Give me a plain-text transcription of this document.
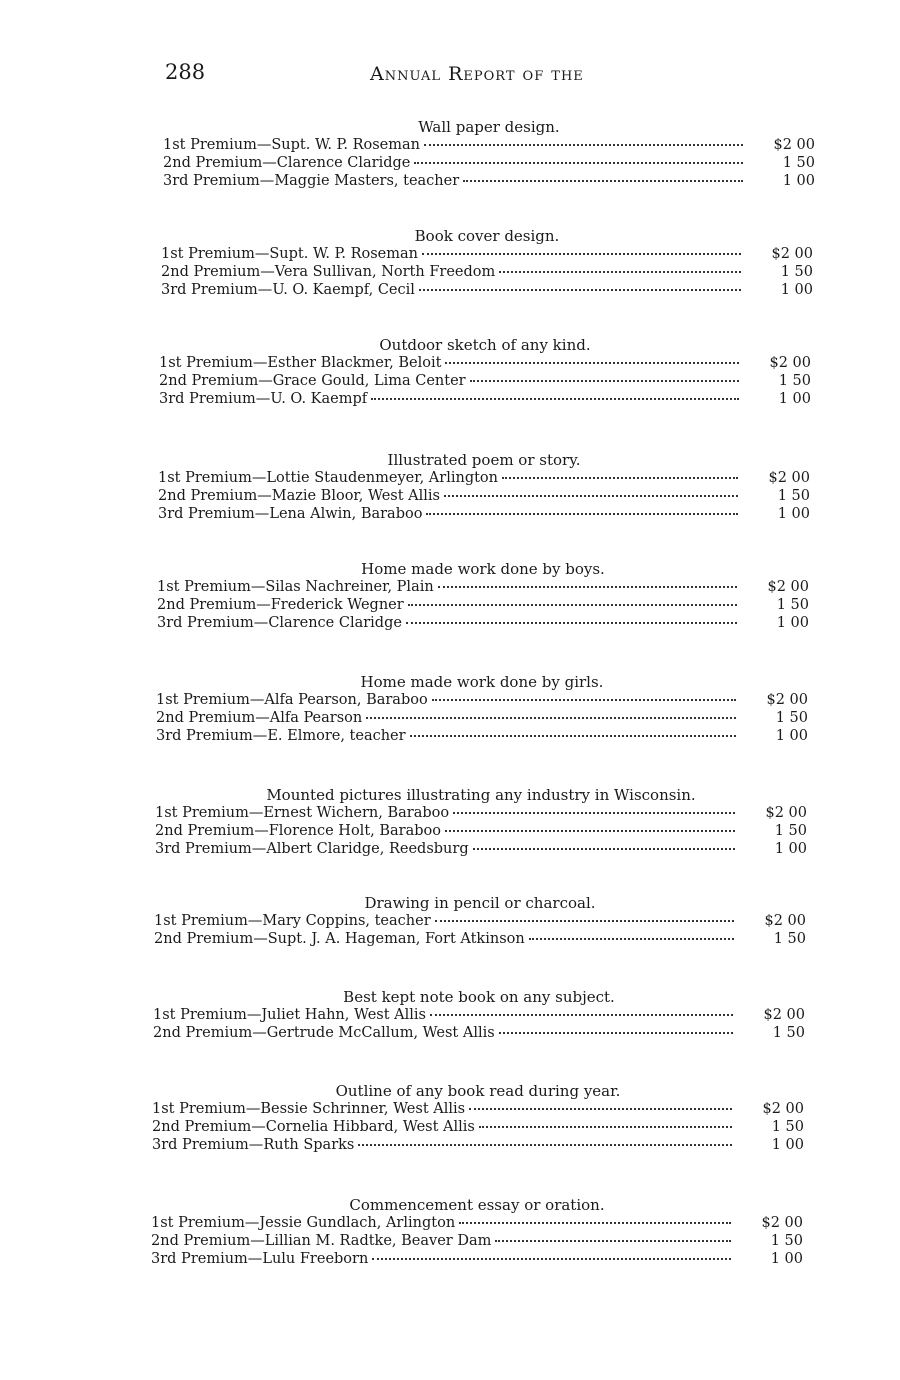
288	Annual Report of the
Wall paper design.
1st Premium— Supt. W. P. Roseman	$2 00
2nd Premium— Clarence Claridge	1 50
3rd Premium— Maggie Masters, teacher	1 00
Book cover design.
1st Premium— Supt. W. P. Roseman	$2 00
2nd Premium— Vera Sullivan, North Freedom	1 50
3rd Premium— U. O. Kaempf, Cecil	1 00
Outdoor sketch of any kind.
1st Premium— Esther Blackmer, Beloit	$2 00
2nd Premium— Grace Gould, Lima Center	1 50
3rd Premium— U. O. Kaempf	1 00
Illustrated poem or story.
1st Premium— Lottie Staudenmeyer, Arlington	$2 00
2nd Premium— Mazie Bloor, West Allis	1 50
3rd Premium— Lena Alwin, Baraboo	1 00
Home made work done by boys.
1st Premium— Silas Nachreiner, Plain	$2 00
2nd Premium— Frederick Wegner	1 50
3rd Premium— Clarence Claridge	1 00
Home made work done by girls.
1st Premium— Alfa Pearson, Baraboo	$2 00
2nd Premium— Alfa Pearson	1 50
3rd Premium— E. Elmore, teacher	1 00
Mounted pictures illustrating any industry in Wisconsin.
1st Premium— Ernest Wichern, Baraboo	$2 00
2nd Premium— Florence Holt, Baraboo	1 50
3rd Premium— Albert Claridge, Reedsburg	1 00
Drawing in pencil or charcoal.
1st Premium— Mary Coppins, teacher	$2 00
2nd Premium— Supt. J. A. Hageman, Fort Atkinson	1 50
Best kept note book on any subject.
1st Premium— Juliet Hahn, West Allis	$2 00
2nd Premium— Gertrude McCallum, West Allis	1 50
Outline of any book read during year.
1st Premium— Bessie Schrinner, West Allis	$2 00
2nd Premium— Cornelia Hibbard, West Allis	1 50
3rd Premium— Ruth Sparks	1 00
Commencement essay or oration.
1st Premium— Jessie Gundlach, Arlington	$2 00
2nd Premium— Lillian M. Radtke, Beaver Dam	1 50
3rd Premium— Lulu Freeborn	1 00
